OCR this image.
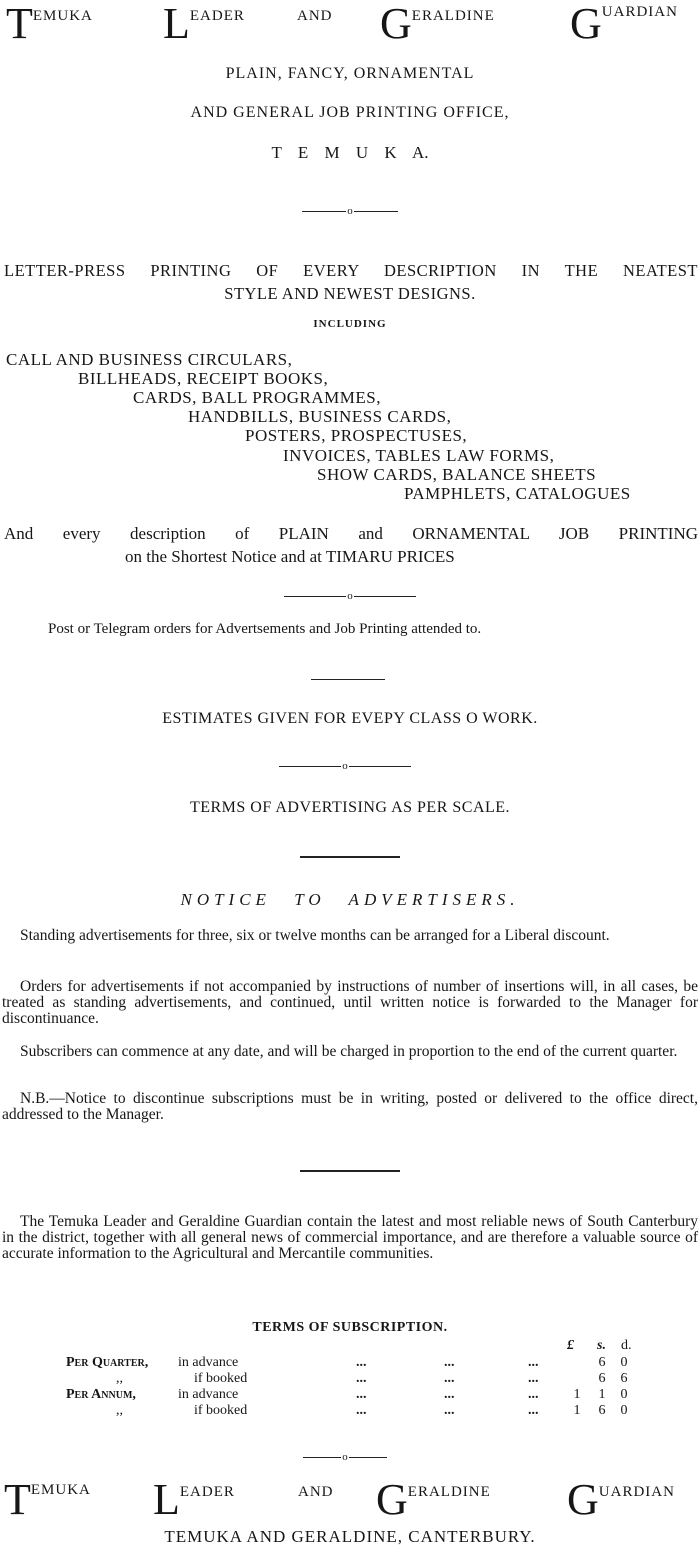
TEMUKA LEADER	AND GERALDINE GUARDIAN
PLAIN, FANCY, ORNAMENTAL
AND GENERAL JOB PRINTING OFFICE,
T E M U K A.
o
LETTER-PRESS PRINTING OF EVERY DESCRIPTION IN THE NEATEST
STYLE AND NEWEST DESIGNS.
INCLUDING
CALL AND BUSINESS CIRCULARS,
BILLHEADS, RECEIPT BOOKS,
CARDS, BALL PROGRAMMES,
HANDBILLS, BUSINESS CARDS,
POSTERS, PROSPECTUSES,
INVOICES, TABLES LAW FORMS,
SHOW CARDS, BALANCE SHEETS
PAMPHLETS, CATALOGUES
And every description of PLAIN and ORNAMENTAL JOB PRINTING
on the Shortest Notice and at TIMARU PRICES
o
Post or Telegram orders for Advertsements and Job Printing attended to.
ESTIMATES GIVEN FOR EVEPY CLASS O WORK.
o
TERMS OF ADVERTISING AS PER SCALE.
NOTICE TO ADVERTISERS.
Standing advertisements for three, six or twelve months can be arranged for a Liberal discount.
Orders for advertisements if not accompanied by instructions of number of insertions will, in all cases, be treated as standing advertisements, and continued, until written notice is forwarded to the Manager for discontinuance.
Subscribers can commence at any date, and will be charged in proportion to the end of the current quarter.
N.B.—Notice to discontinue subscriptions must be in writing, posted or delivered to the office direct, addressed to the Manager.
The Temuka Leader and Geraldine Guardian contain the latest and most reliable news of South Canterbury in the district, together with all general news of commercial importance, and are therefore a valuable source of accurate information to the Agricultural and Mercantile communities.
TERMS OF SUBSCRIPTION.
£ s. d.
Per Quarter,	in advance	...	...	...		6	0
,,	if booked	...	...	...		6	6
Per Annum,	in advance	...	...	...	1	1	0
,,	if booked	...	...	...	1	6	0
o
TEMUKA LEADER	AND GERALDINE GUARDIAN
TEMUKA AND GERALDINE, CANTERBURY.
